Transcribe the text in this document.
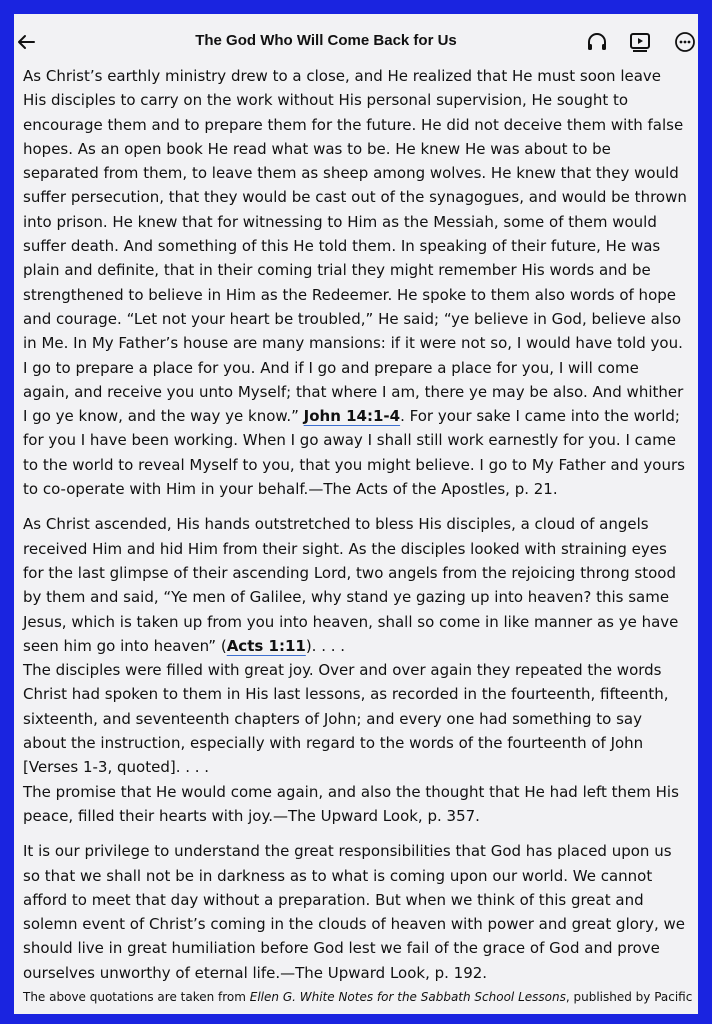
The God Who Will Come Back for Us

As Christ’s earthly ministry drew to a close, and He realized that He must soon leave His disciples to carry on the work without His personal supervision, He sought to encourage them and to prepare them for the future. He did not deceive them with false hopes. As an open book He read what was to be. He knew He was about to be separated from them, to leave them as sheep among wolves. He knew that they would suffer persecution, that they would be cast out of the synagogues, and would be thrown into prison. He knew that for witnessing to Him as the Messiah, some of them would suffer death. And something of this He told them. In speaking of their future, He was plain and definite, that in their coming trial they might remember His words and be strengthened to believe in Him as the Redeemer. He spoke to them also words of hope and courage. “Let not your heart be troubled,” He said; “ye believe in God, believe also in Me. In My Father’s house are many mansions: if it were not so, I would have told you. I go to prepare a place for you. And if I go and prepare a place for you, I will come again, and receive you unto Myself; that where I am, there ye may be also. And whither I go ye know, and the way ye know.” John 14:1-4. For your sake I came into the world; for you I have been working. When I go away I shall still work earnestly for you. I came to the world to reveal Myself to you, that you might believe. I go to My Father and yours to co-operate with Him in your behalf.—The Acts of the Apostles, p. 21.

As Christ ascended, His hands outstretched to bless His disciples, a cloud of angels received Him and hid Him from their sight. As the disciples looked with straining eyes for the last glimpse of their ascending Lord, two angels from the rejoicing throng stood by them and said, “Ye men of Galilee, why stand ye gazing up into heaven? this same Jesus, which is taken up from you into heaven, shall so come in like manner as ye have seen him go into heaven” (Acts 1:11). . . .

The disciples were filled with great joy. Over and over again they repeated the words Christ had spoken to them in His last lessons, as recorded in the fourteenth, fifteenth, sixteenth, and seventeenth chapters of John; and every one had something to say about the instruction, especially with regard to the words of the fourteenth of John [Verses 1-3, quoted]. . . .

The promise that He would come again, and also the thought that He had left them His peace, filled their hearts with joy.—The Upward Look, p. 357.

It is our privilege to understand the great responsibilities that God has placed upon us so that we shall not be in darkness as to what is coming upon our world. We cannot afford to meet that day without a preparation. But when we think of this great and solemn event of Christ’s coming in the clouds of heaven with power and great glory, we should live in great humiliation before God lest we fail of the grace of God and prove ourselves unworthy of eternal life.—The Upward Look, p. 192.

The above quotations are taken from Ellen G. White Notes for the Sabbath School Lessons, published by Pacific
